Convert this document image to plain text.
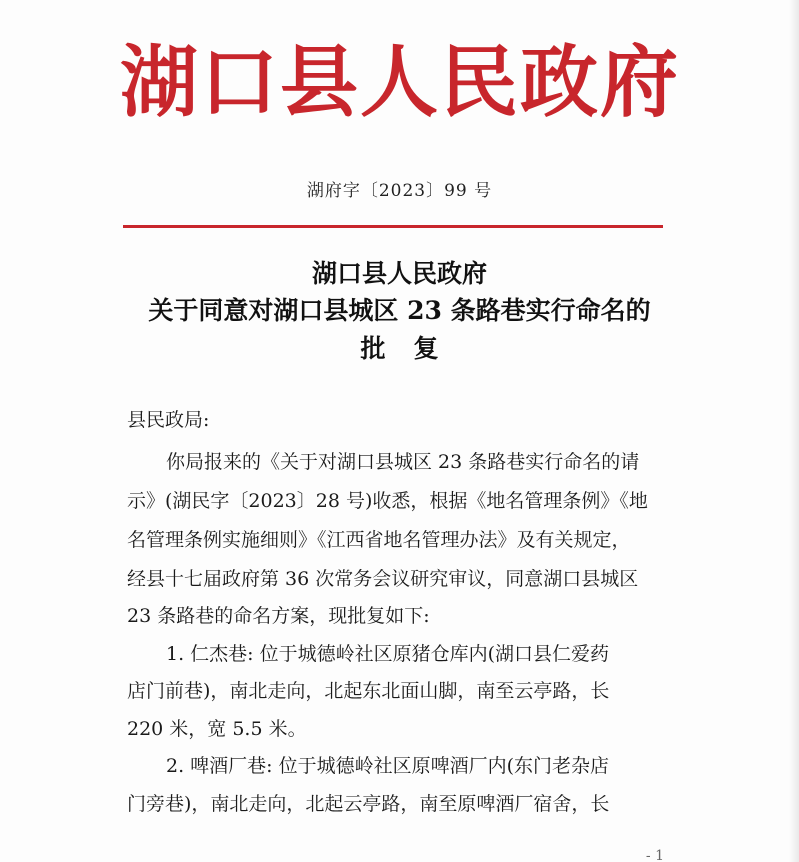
湖口县人民政府
湖府字〔2023〕99 号
湖口县人民政府
关于同意对湖口县城区 23 条路巷实行命名的
批复
县民政局:
你局报来的《关于对湖口县城区 23 条路巷实行命名的请
示》(湖民字〔2023〕28 号)收悉，根据《地名管理条例》《地
名管理条例实施细则》《江西省地名管理办法》及有关规定，
经县十七届政府第 36 次常务会议研究审议，同意湖口县城区
23 条路巷的命名方案，现批复如下:
1. 仁杰巷: 位于城德岭社区原猪仓库内(湖口县仁爱药
店门前巷)，南北走向，北起东北面山脚，南至云亭路，长
220 米，宽 5.5 米。
2. 啤酒厂巷: 位于城德岭社区原啤酒厂内(东门老杂店
门旁巷)，南北走向，北起云亭路，南至原啤酒厂宿舍，长
- 1
